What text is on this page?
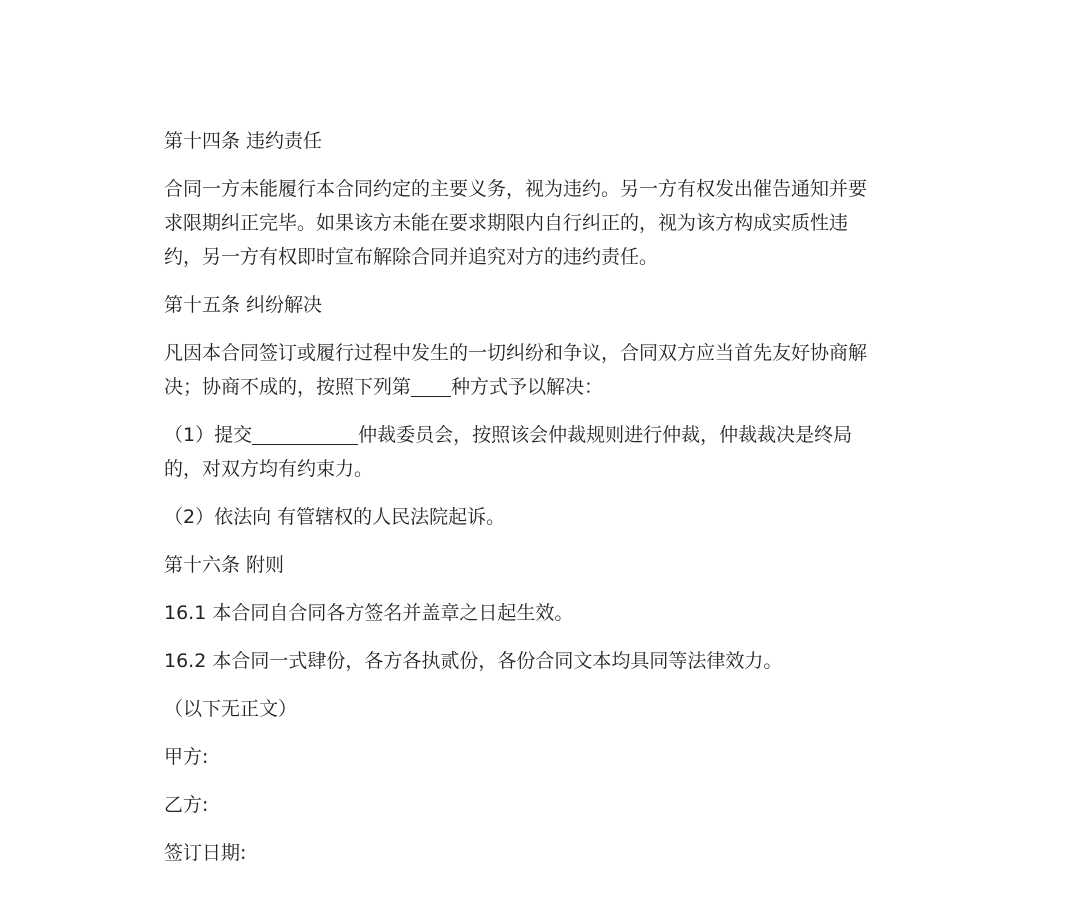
第十四条 违约责任

合同一方未能履行本合同约定的主要义务，视为违约。另一方有权发出催告通知并要
求限期纠正完毕。如果该方未能在要求期限内自行纠正的，视为该方构成实质性违
约，另一方有权即时宣布解除合同并追究对方的违约责任。

第十五条 纠纷解决

凡因本合同签订或履行过程中发生的一切纠纷和争议，合同双方应当首先友好协商解
决；协商不成的，按照下列第 种方式予以解决：
（1）提交	仲裁委员会，按照该会仲裁规则进行仲裁，仲裁裁决是终局
的，对双方均有约束力。

（2）依法向 有管辖权的人民法院起诉。

第十六条 附则

16.1 本合同自合同各方签名并盖章之日起生效。

16.2 本合同一式肆份，各方各执贰份，各份合同文本均具同等法律效力。

（以下无正文）

甲方:

乙方:

签订日期:
